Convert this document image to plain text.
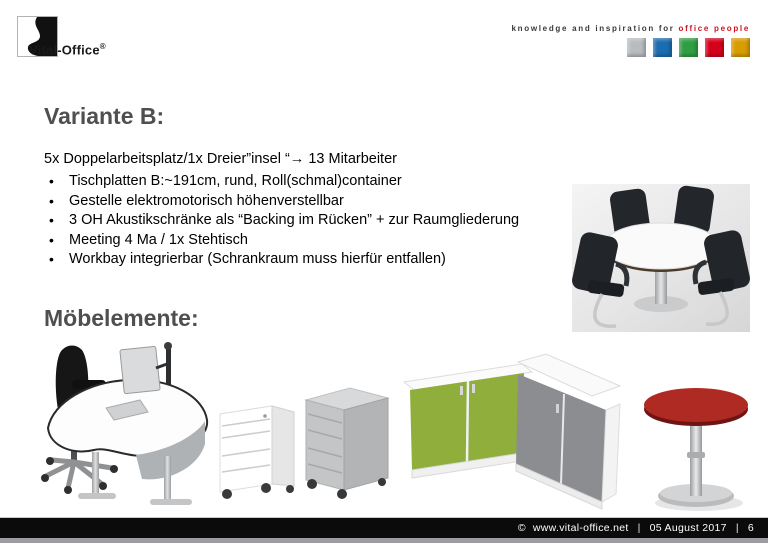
Vital-Office®
knowledge and inspiration for office people
Variante B:

5x Doppelarbeitsplatz/1x Dreier”insel “→ 13 Mitarbeiter

• Tischplatten B:~191cm, rund, Roll(schmal)container
• Gestelle elektromotorisch höhenverstellbar
• 3 OH Akustikschränke als “Backing im Rücken” + zur Raumgliederung
• Meeting 4 Ma / 1x Stehtisch
• Workbay integrierbar (Schrankraum muss hierfür entfallen)
Möbelemente:
© www.vital-office.net | 05 August 2017 | 6
